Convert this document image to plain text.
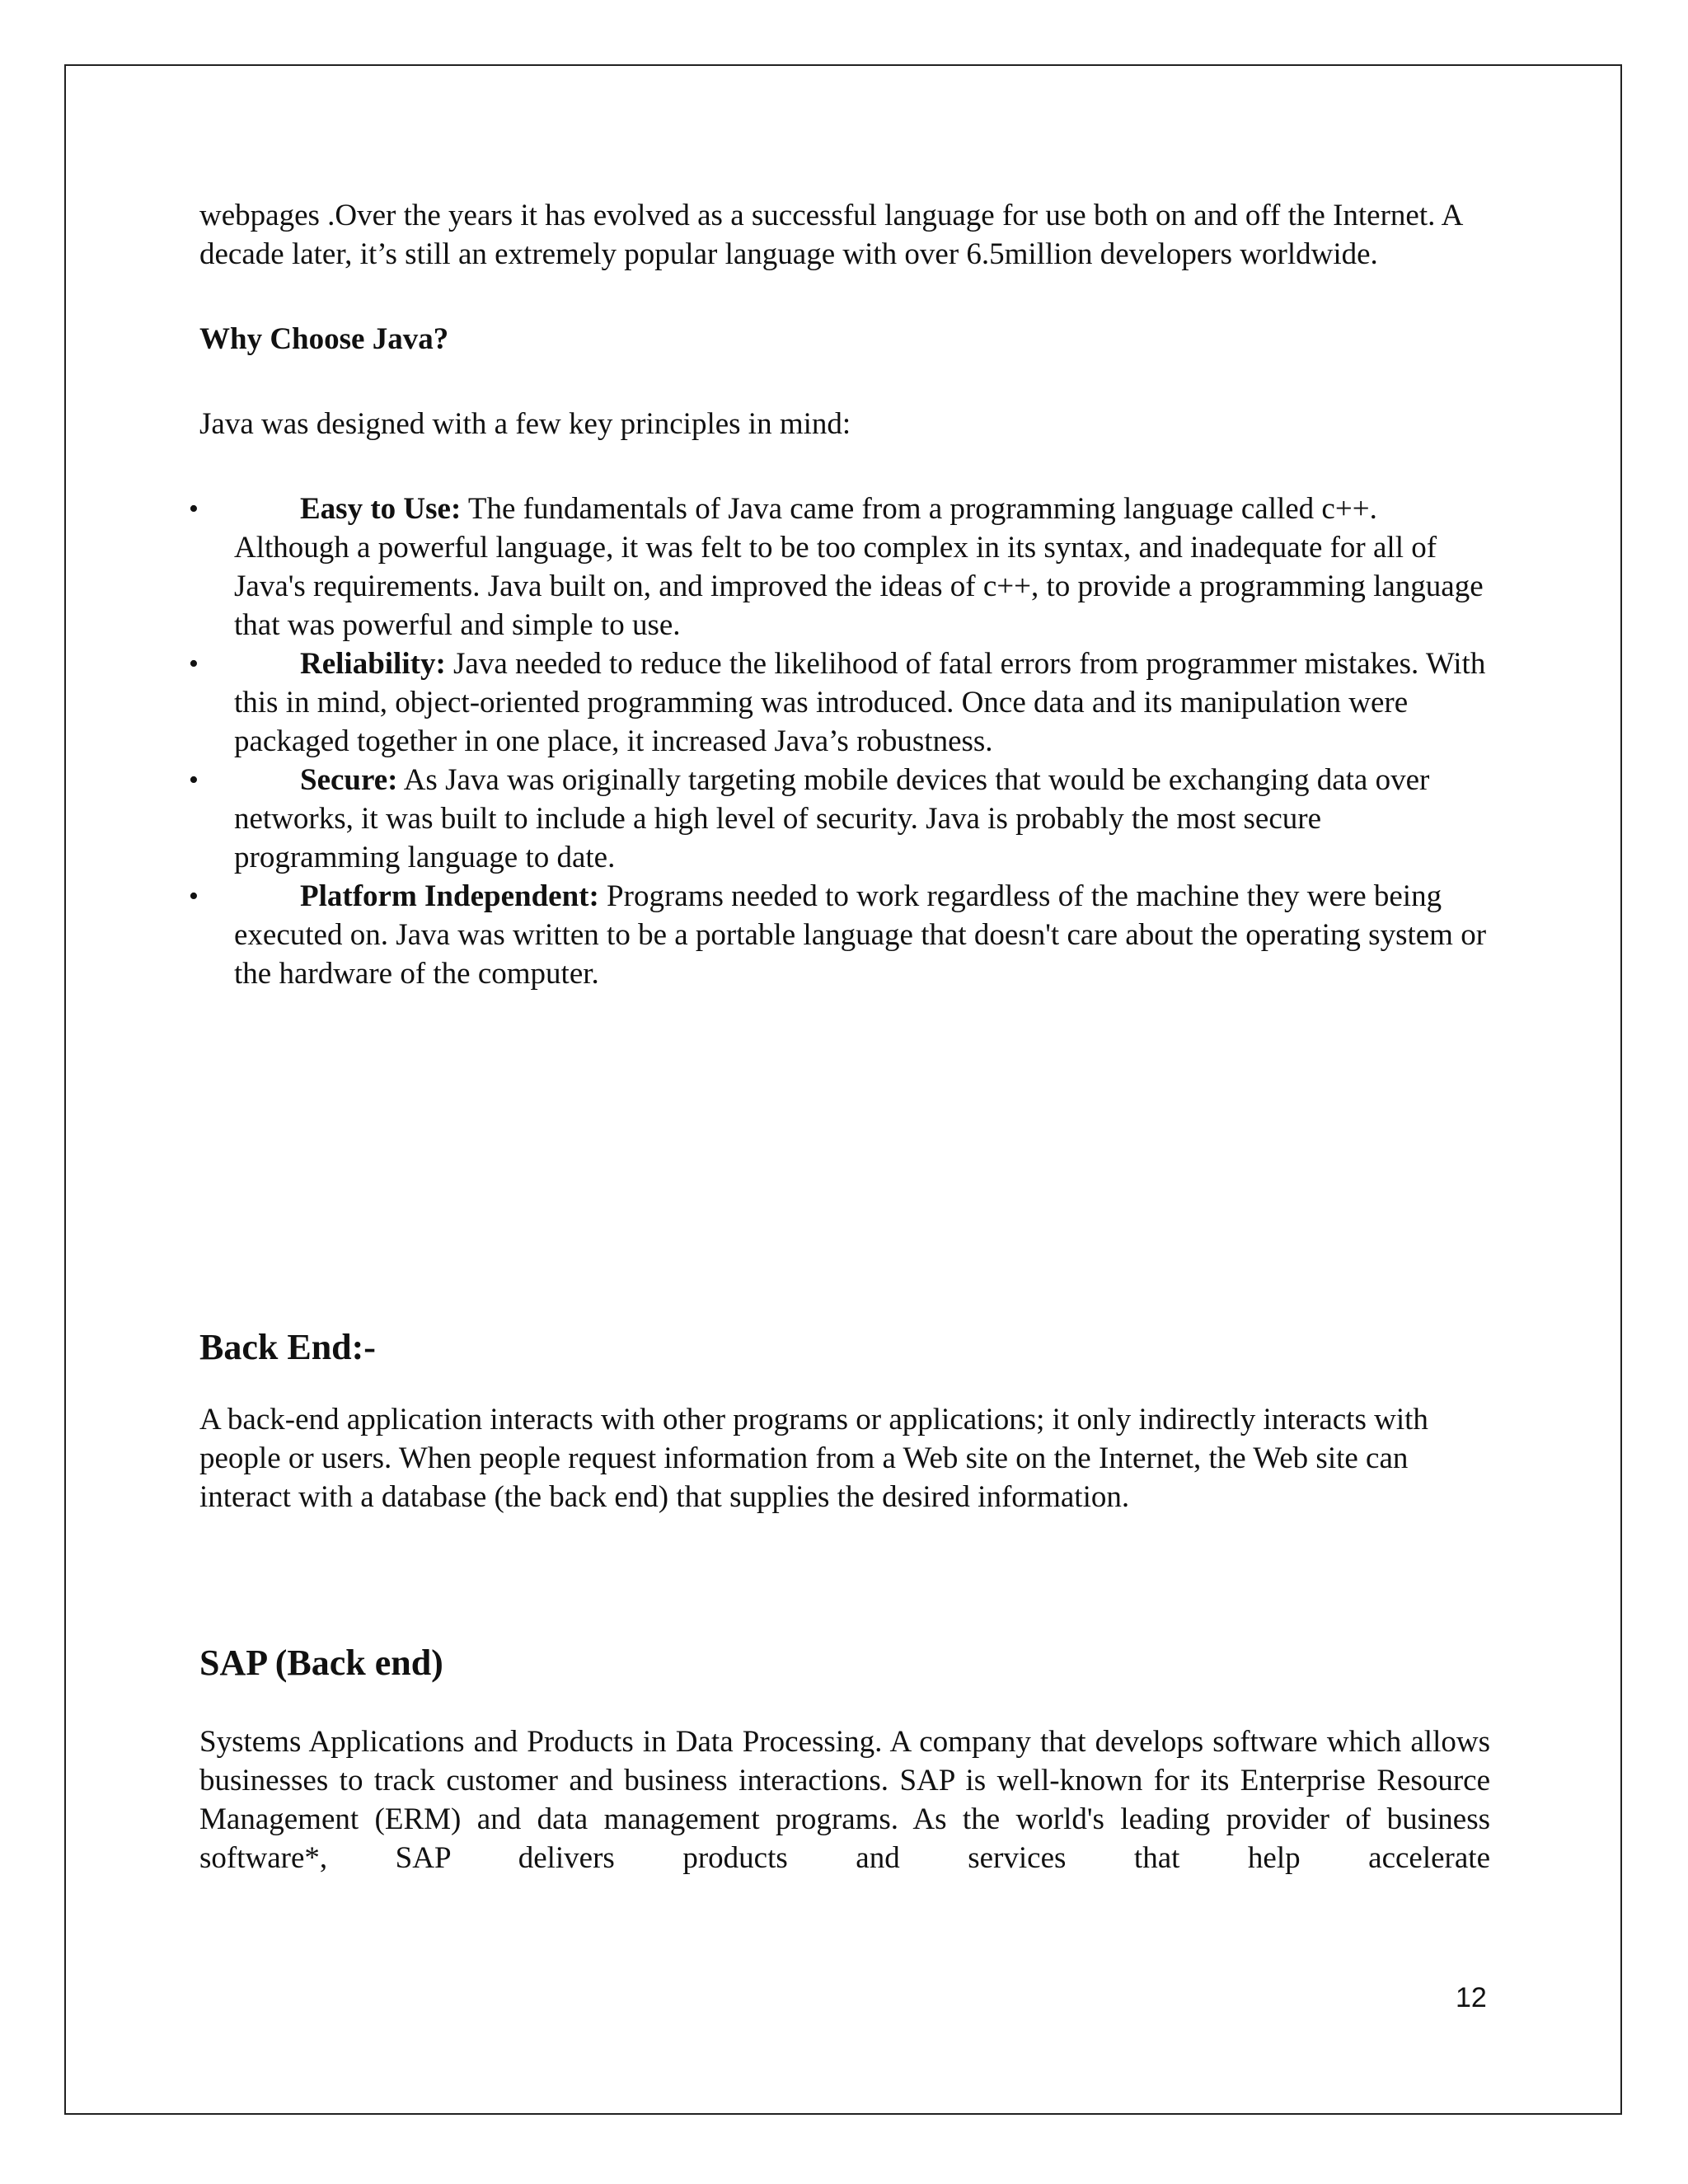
webpages .Over the years it has evolved as a successful language for use both on and off the Internet. A decade later, it’s still an extremely popular language with over 6.5million developers worldwide.

Why Choose Java?

Java was designed with a few key principles in mind:

•	Easy to Use: The fundamentals of Java came from a programming language called c++. Although a powerful language, it was felt to be too complex in its syntax, and inadequate for all of Java's requirements. Java built on, and improved the ideas of c++, to provide a programming language that was powerful and simple to use.
•	Reliability: Java needed to reduce the likelihood of fatal errors from programmer mistakes. With this in mind, object-oriented programming was introduced. Once data and its manipulation were packaged together in one place, it increased Java’s robustness.
•	Secure: As Java was originally targeting mobile devices that would be exchanging data over networks, it was built to include a high level of security. Java is probably the most secure programming language to date.
•	Platform Independent: Programs needed to work regardless of the machine they were being executed on. Java was written to be a portable language that doesn't care about the operating system or the hardware of the computer.
Back End:-

A back-end application interacts with other programs or applications; it only indirectly interacts with people or users. When people request information from a Web site on the Internet, the Web site can interact with a database (the back end) that supplies the desired information.

SAP (Back end)

Systems Applications and Products in Data Processing. A company that develops software which allows businesses to track customer and business interactions. SAP is well-known for its Enterprise Resource Management (ERM) and data management programs. As the world's leading provider of business software*, SAP delivers products and services that help accelerate

12
